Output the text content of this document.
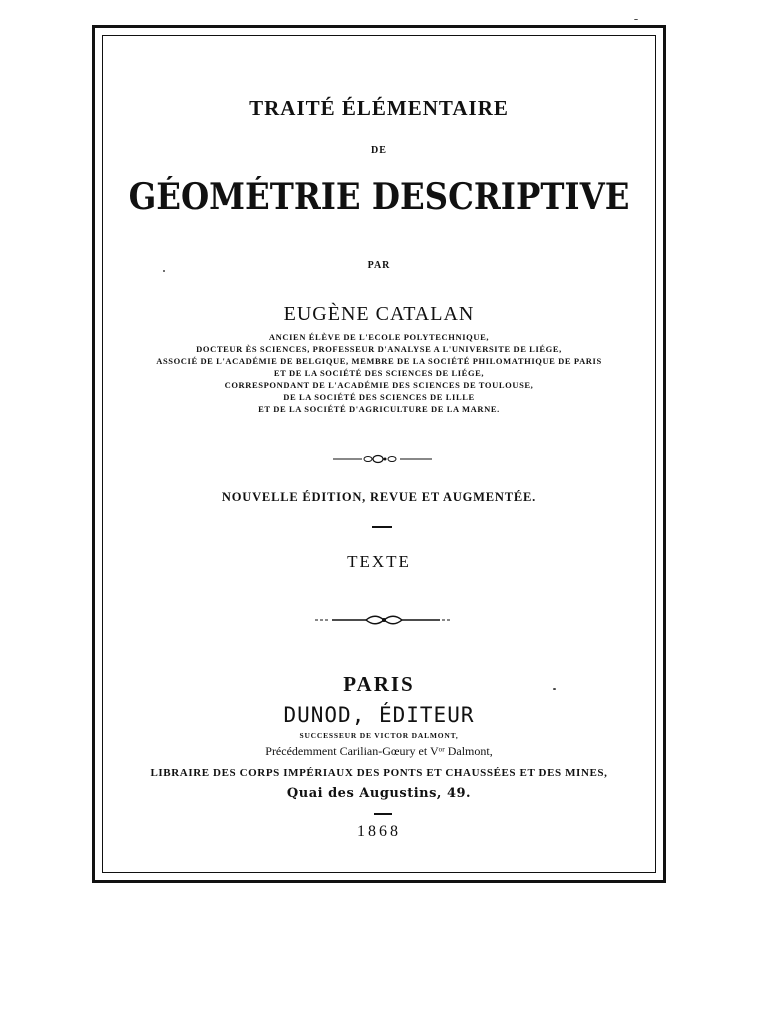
TRAITÉ ÉLÉMENTAIRE
DE
GÉOMÉTRIE DESCRIPTIVE
PAR
EUGÈNE CATALAN
ANCIEN ÉLÈVE DE L'ECOLE POLYTECHNIQUE,
DOCTEUR ÈS SCIENCES, PROFESSEUR D'ANALYSE A L'UNIVERSITE DE LIÉGE,
ASSOCIÉ DE L'ACADÉMIE DE BELGIQUE, MEMBRE DE LA SOCIÉTÉ PHILOMATHIQUE DE PARIS
ET DE LA SOCIÉTÉ DES SCIENCES DE LIÉGE,
CORRESPONDANT DE L'ACADÉMIE DES SCIENCES DE TOULOUSE,
DE LA SOCIÉTÉ DES SCIENCES DE LILLE
ET DE LA SOCIÉTÉ D'AGRICULTURE DE LA MARNE.
NOUVELLE ÉDITION, REVUE ET AUGMENTÉE.
TEXTE
PARIS
DUNOD, ÉDITEUR
SUCCESSEUR DE VICTOR DALMONT,
Précédemment Carilian-Gœury et Vᵒʳ Dalmont,
LIBRAIRE DES CORPS IMPÉRIAUX DES PONTS ET CHAUSSÉES ET DES MINES,
Quai des Augustins, 49.
1868
